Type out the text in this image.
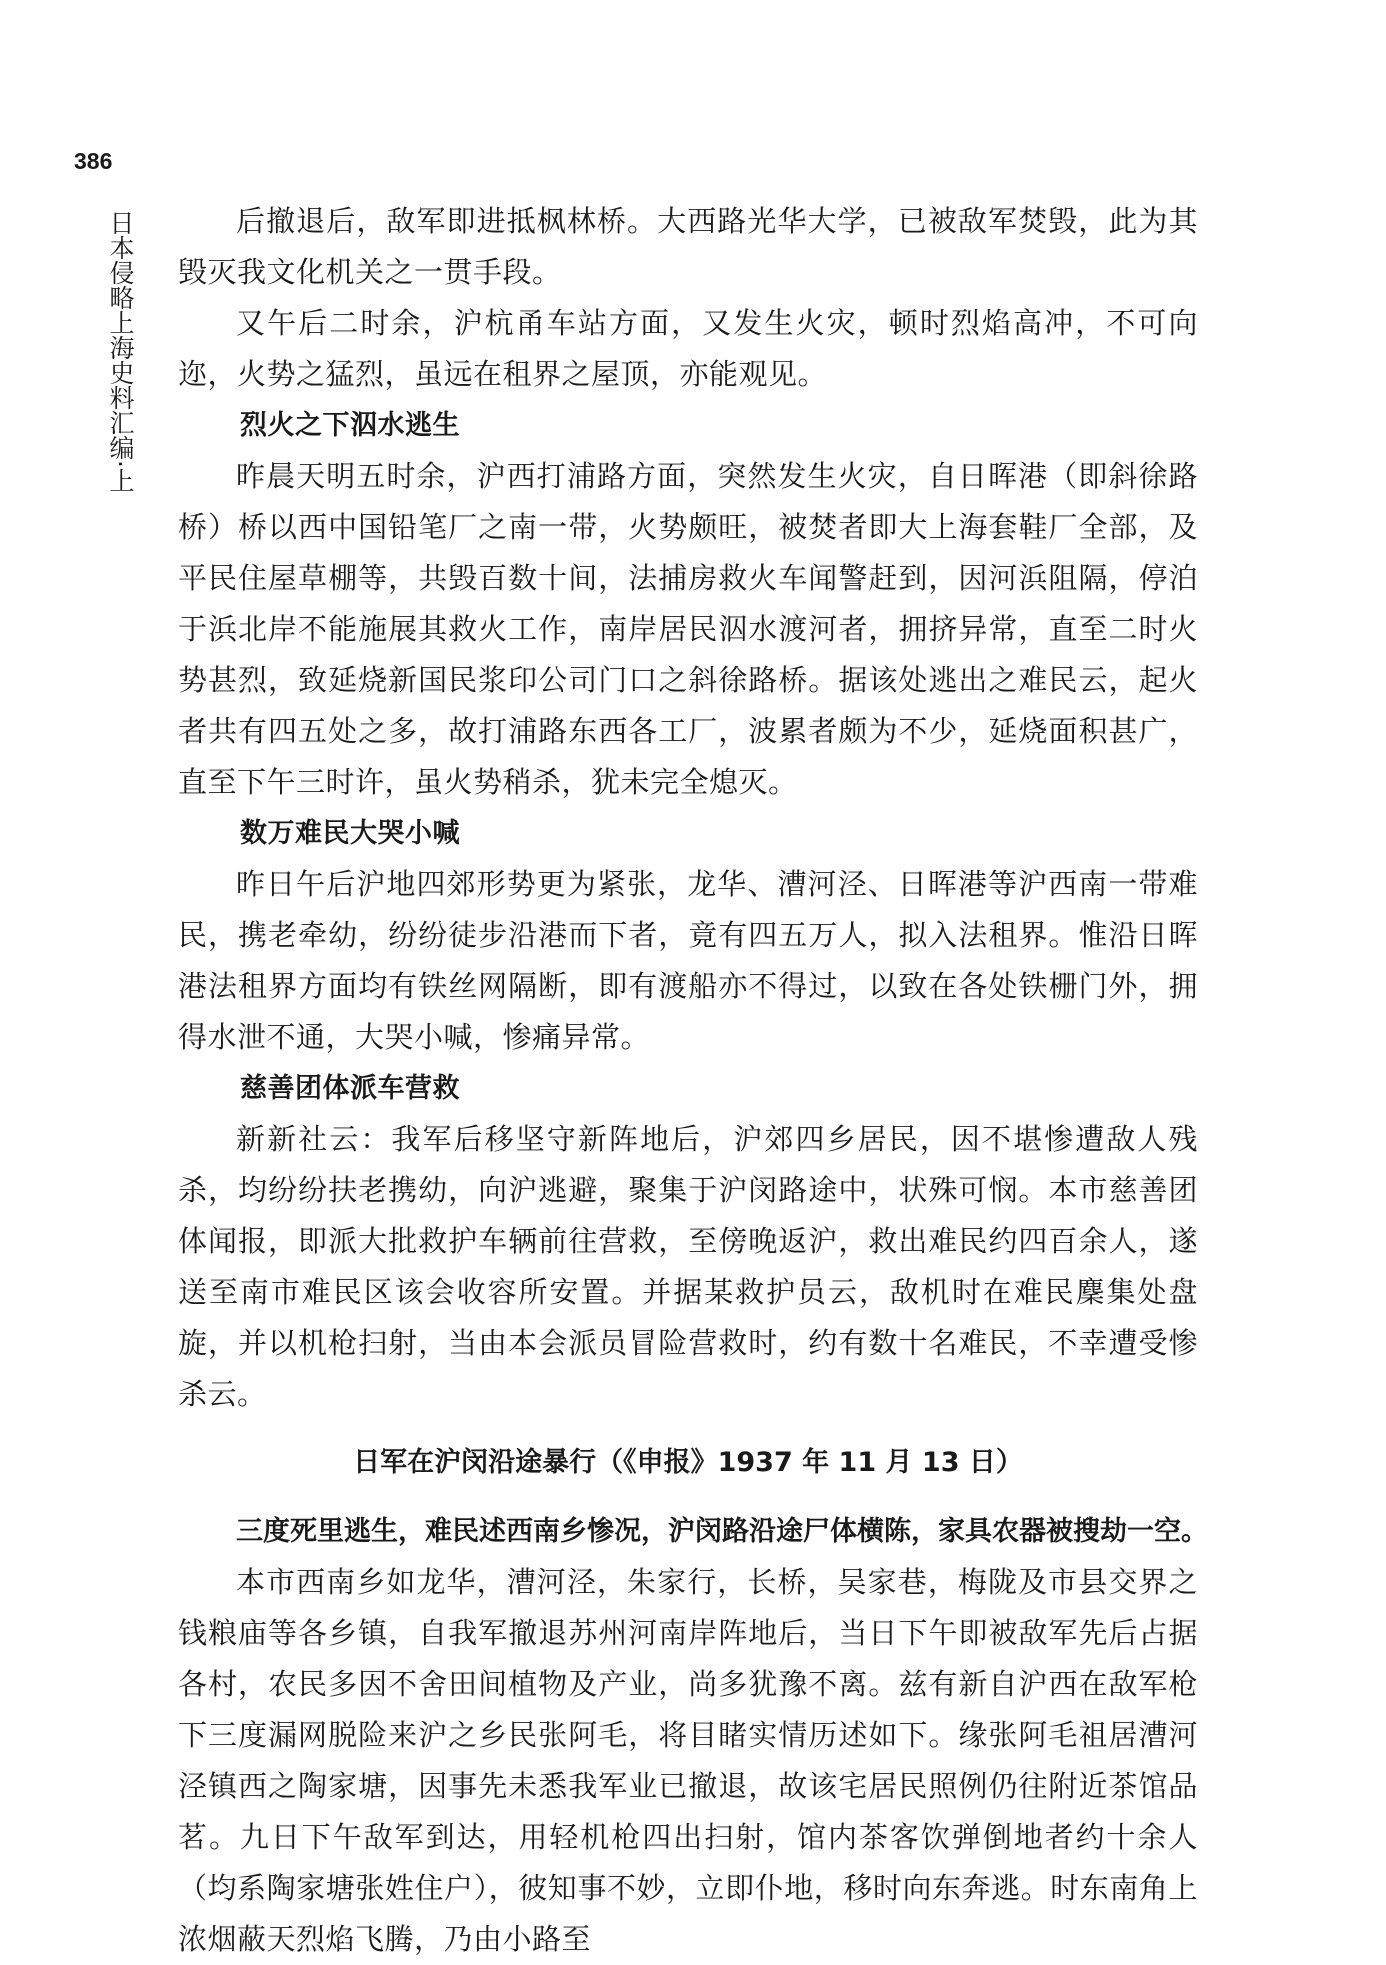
386
日本侵略上海史料汇编·上	后撤退后，敌军即进抵枫林桥。大西路光华大学，已被敌军焚毁，此为其毁灭我文化机关之一贯手段。

又午后二时余，沪杭甬车站方面，又发生火灾，顿时烈焰高冲，不可向迩，火势之猛烈，虽远在租界之屋顶，亦能观见。

烈火之下泅水逃生

昨晨天明五时余，沪西打浦路方面，突然发生火灾，自日晖港（即斜徐路桥）桥以西中国铅笔厂之南一带，火势颇旺，被焚者即大上海套鞋厂全部，及平民住屋草棚等，共毁百数十间，法捕房救火车闻警赶到，因河浜阻隔，停泊于浜北岸不能施展其救火工作，南岸居民泅水渡河者，拥挤异常，直至二时火势甚烈，致延烧新国民浆印公司门口之斜徐路桥。据该处逃出之难民云，起火者共有四五处之多，故打浦路东西各工厂，波累者颇为不少，延烧面积甚广，直至下午三时许，虽火势稍杀，犹未完全熄灭。

数万难民大哭小喊

昨日午后沪地四郊形势更为紧张，龙华、漕河泾、日晖港等沪西南一带难民，携老牵幼，纷纷徒步沿港而下者，竟有四五万人，拟入法租界。惟沿日晖港法租界方面均有铁丝网隔断，即有渡船亦不得过，以致在各处铁栅门外，拥得水泄不通，大哭小喊，惨痛异常。

慈善团体派车营救

新新社云：我军后移坚守新阵地后，沪郊四乡居民，因不堪惨遭敌人残杀，均纷纷扶老携幼，向沪逃避，聚集于沪闵路途中，状殊可悯。本市慈善团体闻报，即派大批救护车辆前往营救，至傍晚返沪，救出难民约四百余人，遂送至南市难民区该会收容所安置。并据某救护员云，敌机时在难民麇集处盘旋，并以机枪扫射，当由本会派员冒险营救时，约有数十名难民，不幸遭受惨杀云。

日军在沪闵沿途暴行（《申报》1937 年 11 月 13 日）
三度死里逃生，难民述西南乡惨况，沪闵路沿途尸体横陈，家具农器被搜劫一空。

本市西南乡如龙华，漕河泾，朱家行，长桥，吴家巷，梅陇及市县交界之钱粮庙等各乡镇，自我军撤退苏州河南岸阵地后，当日下午即被敌军先后占据各村，农民多因不舍田间植物及产业，尚多犹豫不离。兹有新自沪西在敌军枪下三度漏网脱险来沪之乡民张阿毛，将目睹实情历述如下。缘张阿毛祖居漕河泾镇西之陶家塘，因事先未悉我军业已撤退，故该宅居民照例仍往附近茶馆品茗。九日下午敌军到达，用轻机枪四出扫射，馆内茶客饮弹倒地者约十余人（均系陶家塘张姓住户），彼知事不妙，立即仆地，移时向东奔逃。时东南角上浓烟蔽天烈焰飞腾，乃由小路至
